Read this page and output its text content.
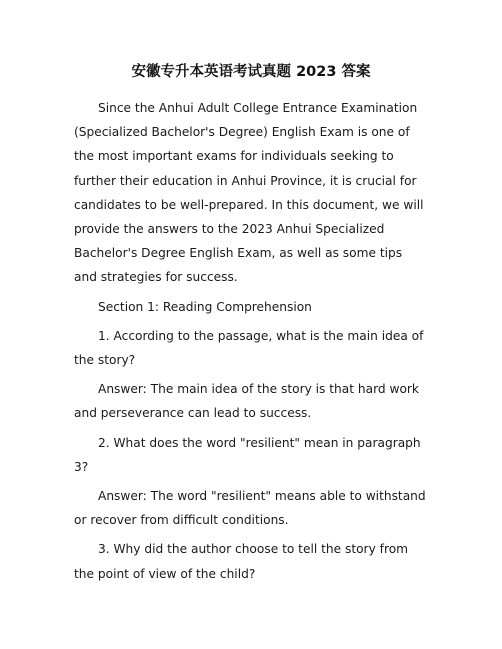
安徽专升本英语考试真题 2023 答案

Since the Anhui Adult College Entrance Examination (Specialized Bachelor's Degree) English Exam is one of the most important exams for individuals seeking to further their education in Anhui Province, it is crucial for candidates to be well-prepared. In this document, we will provide the answers to the 2023 Anhui Specialized Bachelor's Degree English Exam, as well as some tips and strategies for success.

Section 1: Reading Comprehension

1. According to the passage, what is the main idea of the story?

Answer: The main idea of the story is that hard work and perseverance can lead to success.

2. What does the word "resilient" mean in paragraph 3?

Answer: The word "resilient" means able to withstand or recover from difficult conditions.

3. Why did the author choose to tell the story from the point of view of the child?
